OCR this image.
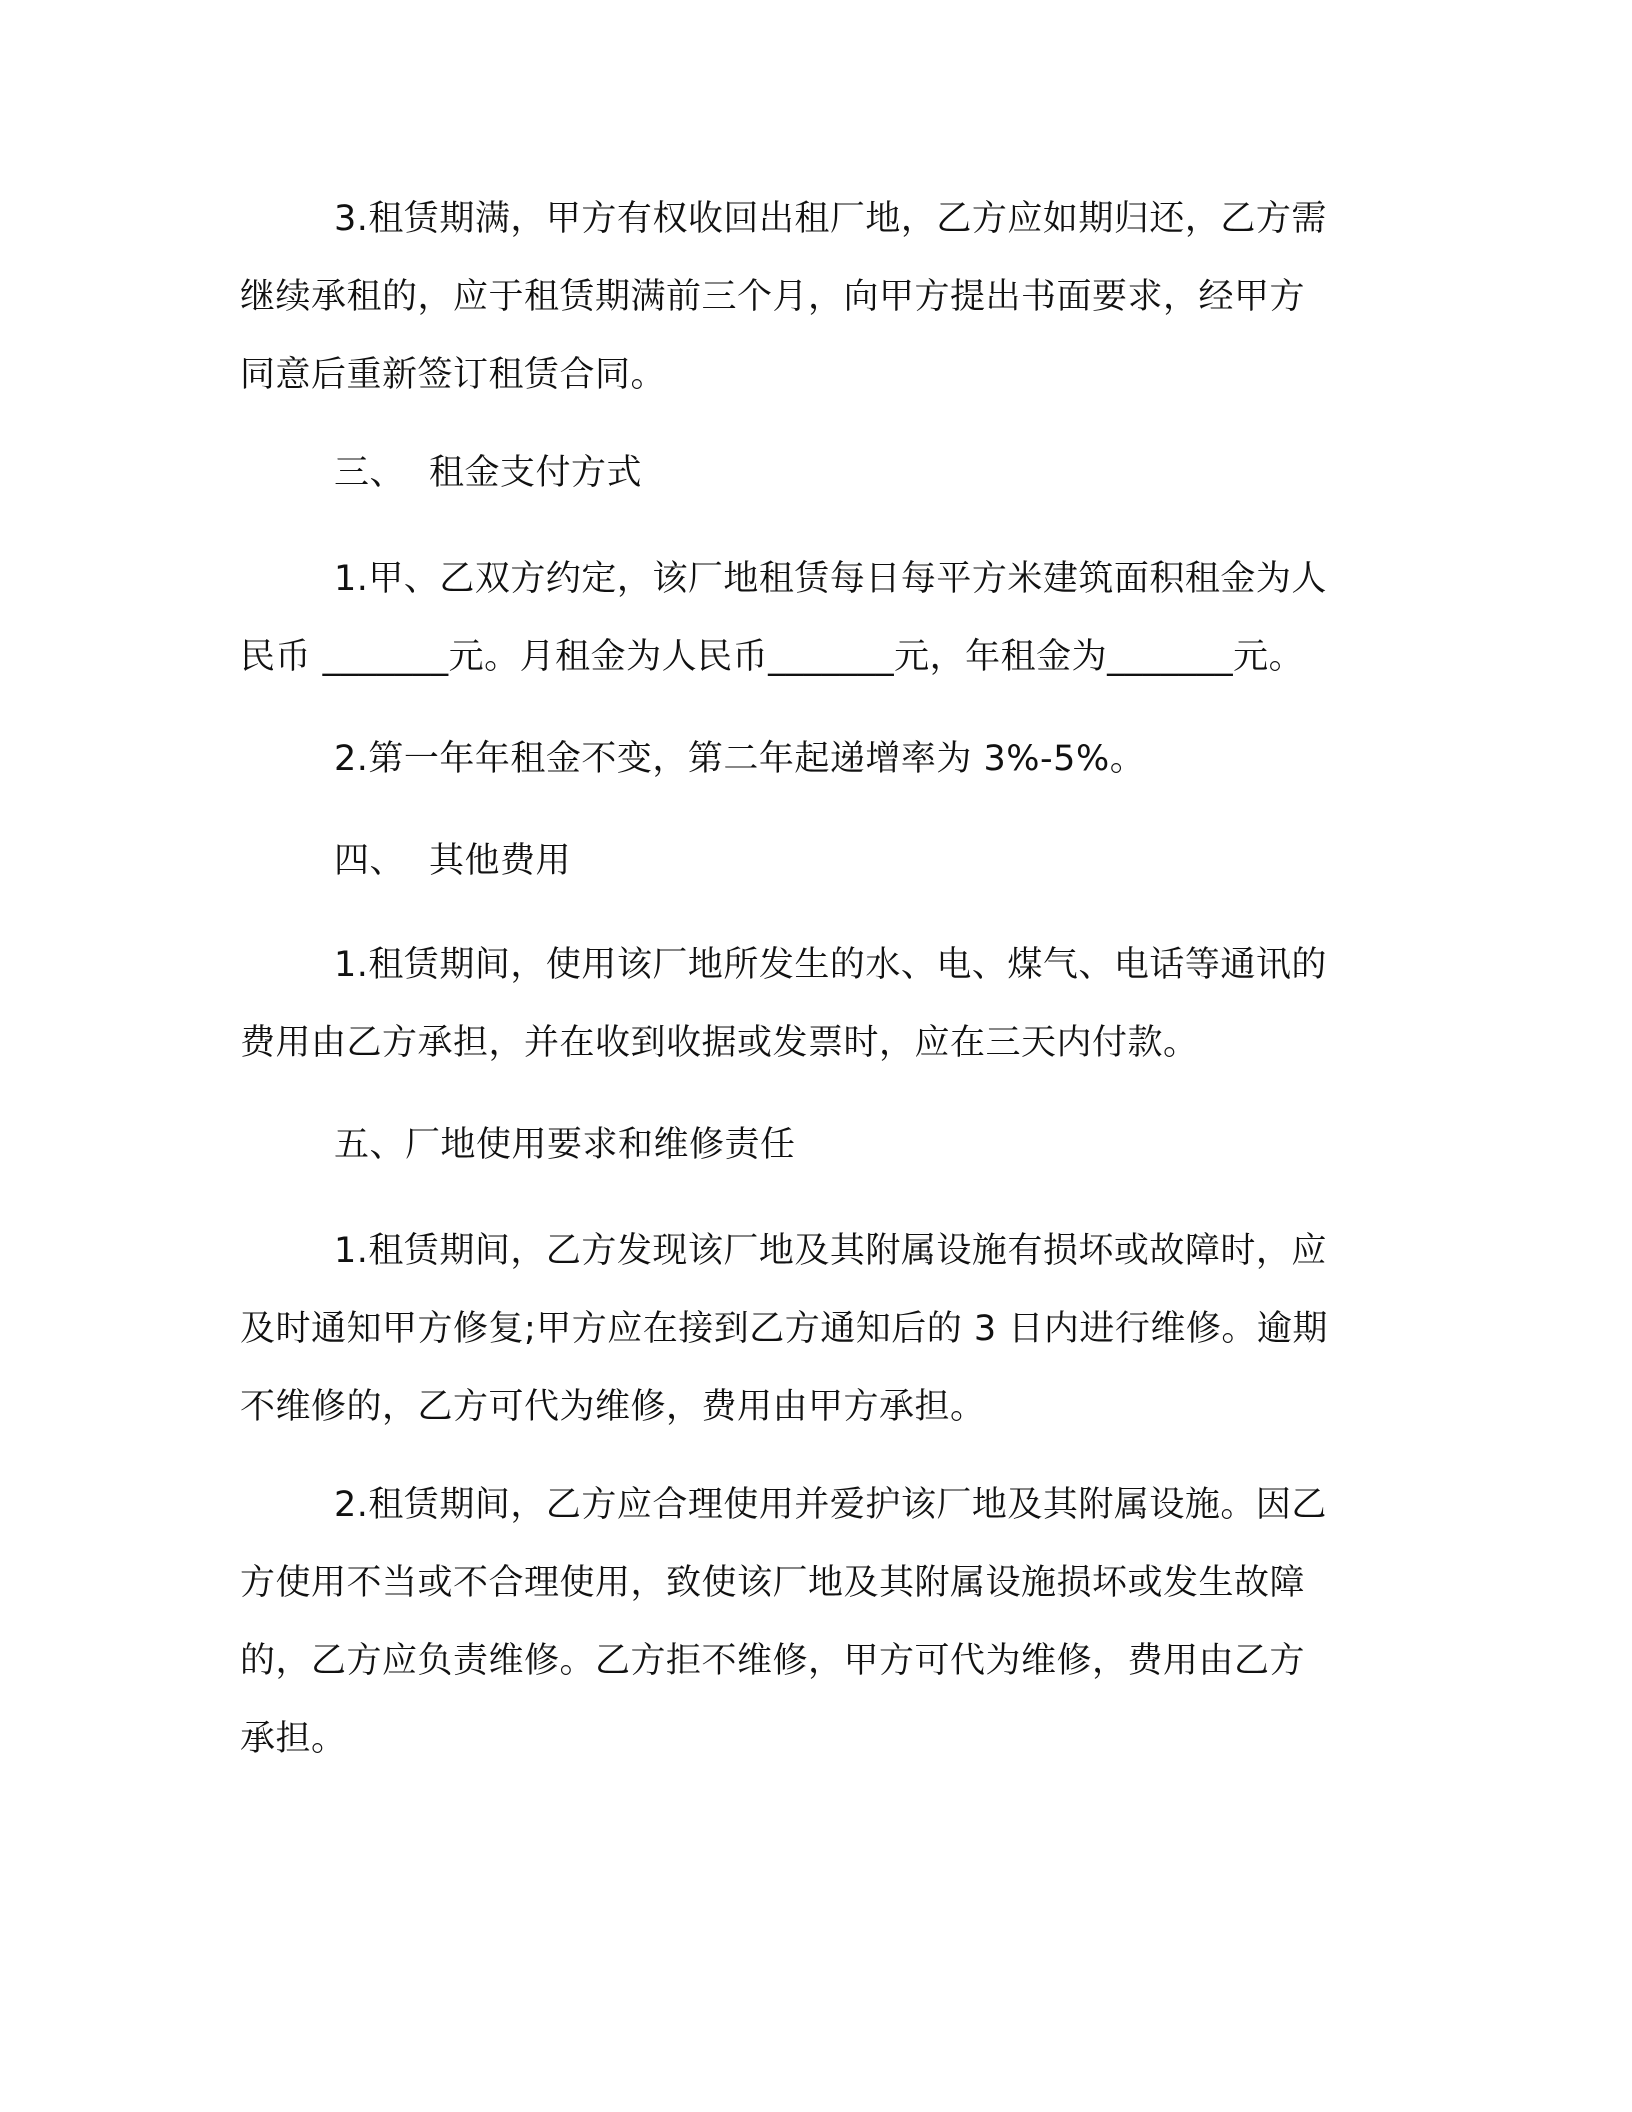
3.租赁期满，甲方有权收回出租厂地，乙方应如期归还，乙方需
继续承租的，应于租赁期满前三个月，向甲方提出书面要求，经甲方
同意后重新签订租赁合同。
三、 租金支付方式
1.甲、乙双方约定，该厂地租赁每日每平方米建筑面积租金为人
民币 _______元。月租金为人民币_______元，年租金为_______元。
2.第一年年租金不变，第二年起递增率为 3%-5%。
四、 其他费用
1.租赁期间，使用该厂地所发生的水、电、煤气、电话等通讯的
费用由乙方承担，并在收到收据或发票时，应在三天内付款。
五、厂地使用要求和维修责任
1.租赁期间，乙方发现该厂地及其附属设施有损坏或故障时，应
及时通知甲方修复;甲方应在接到乙方通知后的 3 日内进行维修。逾期
不维修的，乙方可代为维修，费用由甲方承担。
2.租赁期间，乙方应合理使用并爱护该厂地及其附属设施。因乙
方使用不当或不合理使用，致使该厂地及其附属设施损坏或发生故障
的，乙方应负责维修。乙方拒不维修，甲方可代为维修，费用由乙方
承担。
